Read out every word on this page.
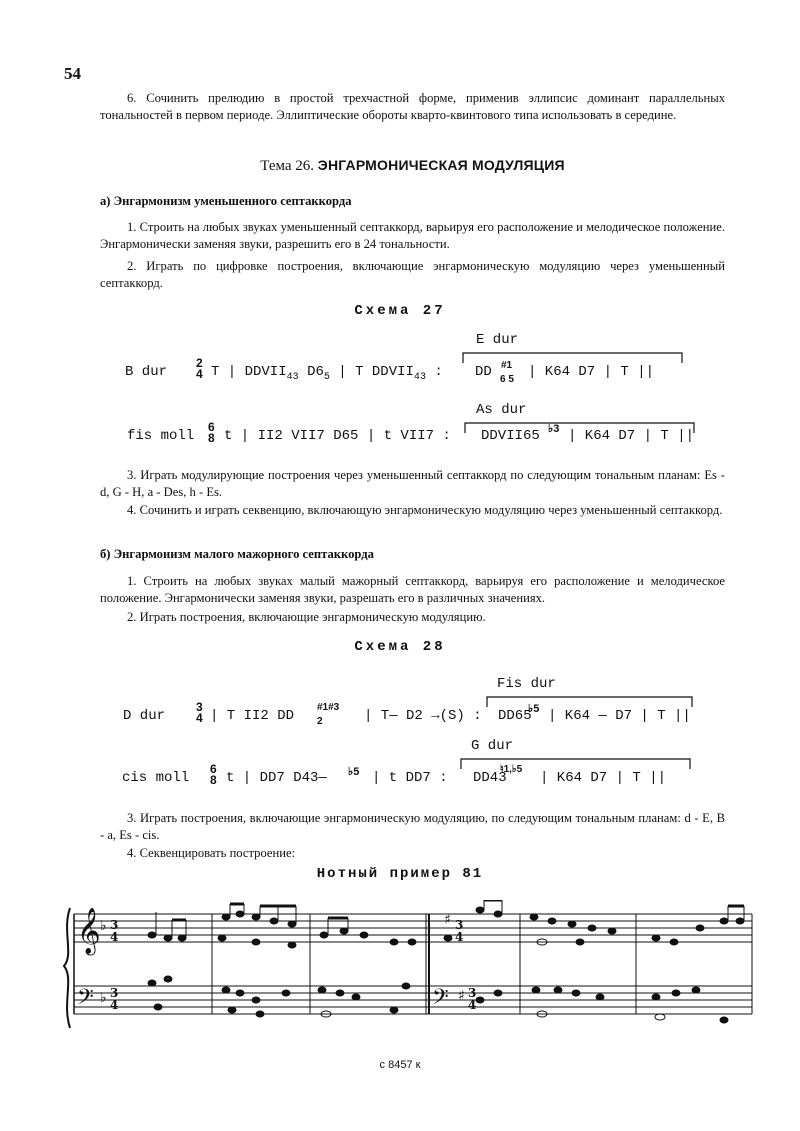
54
6. Сочинить прелюдию в простой трехчастной форме, применив эллипсис доминант параллельных тональностей в первом периоде. Эллиптические обороты кварто-квинтового типа использовать в середине.
Тема 26. ЭНГАРМОНИЧЕСКАЯ МОДУЛЯЦИЯ
а) Энгармонизм уменьшенного септаккорда
1. Строить на любых звуках уменьшенный септаккорд, варьируя его расположение и мелодическое положение. Энгармонически заменяя звуки, разрешить его в 24 тональности.
2. Играть по цифровке построения, включающие энгармоническую модуляцию через уменьшенный септаккорд.
Схема 27
E dur
B dur
2
4 T | $DDVII_{43}$ $D6_5$ | T $DDVII_{43}$ : DD #1
6 5 | K64 D7 | T ||
As dur
fis moll
6
8 t | II2 VII7 D65 | t VII7 : DDVII65 ♭3 | K64 D7 | T ||
3. Играть модулирующие построения через уменьшенный септаккорд по следующим тональным планам: Es - d, G - H, a - Des, h - Es.
4. Сочинить и играть секвенцию, включающую энгармоническую модуляцию через уменьшенный септаккорд.
б) Энгармонизм малого мажорного септаккорда
1. Строить на любых звуках малый мажорный септаккорд, варьируя его расположение и мелодическое положение. Энгармонически заменяя звуки, разрешать его в различных значениях.
2. Играть построения, включающие энгармоническую модуляцию.
Схема 28
Fis dur
D dur
3
4 | T II2 DD
#1#3
2	| T— D2 →(S) : DD65
♭5 | K64 — D7 | T ||
G dur
cis moll
6
8 t | DD7 D43— ♭5 | t DD7 : DD43
♮1,♭5
| K64 D7 | T ||
3. Играть построения, включающие энгармоническую модуляцию, по следующим тональным планам: d - E, B - a, Es - cis.
4. Секвенцировать построение:
Нотный пример 81
𝄞
𝄢	𝄢
♭ 3
4
♭ 3
4
♯ 3
4
♯ 3
4
с 8457 к
